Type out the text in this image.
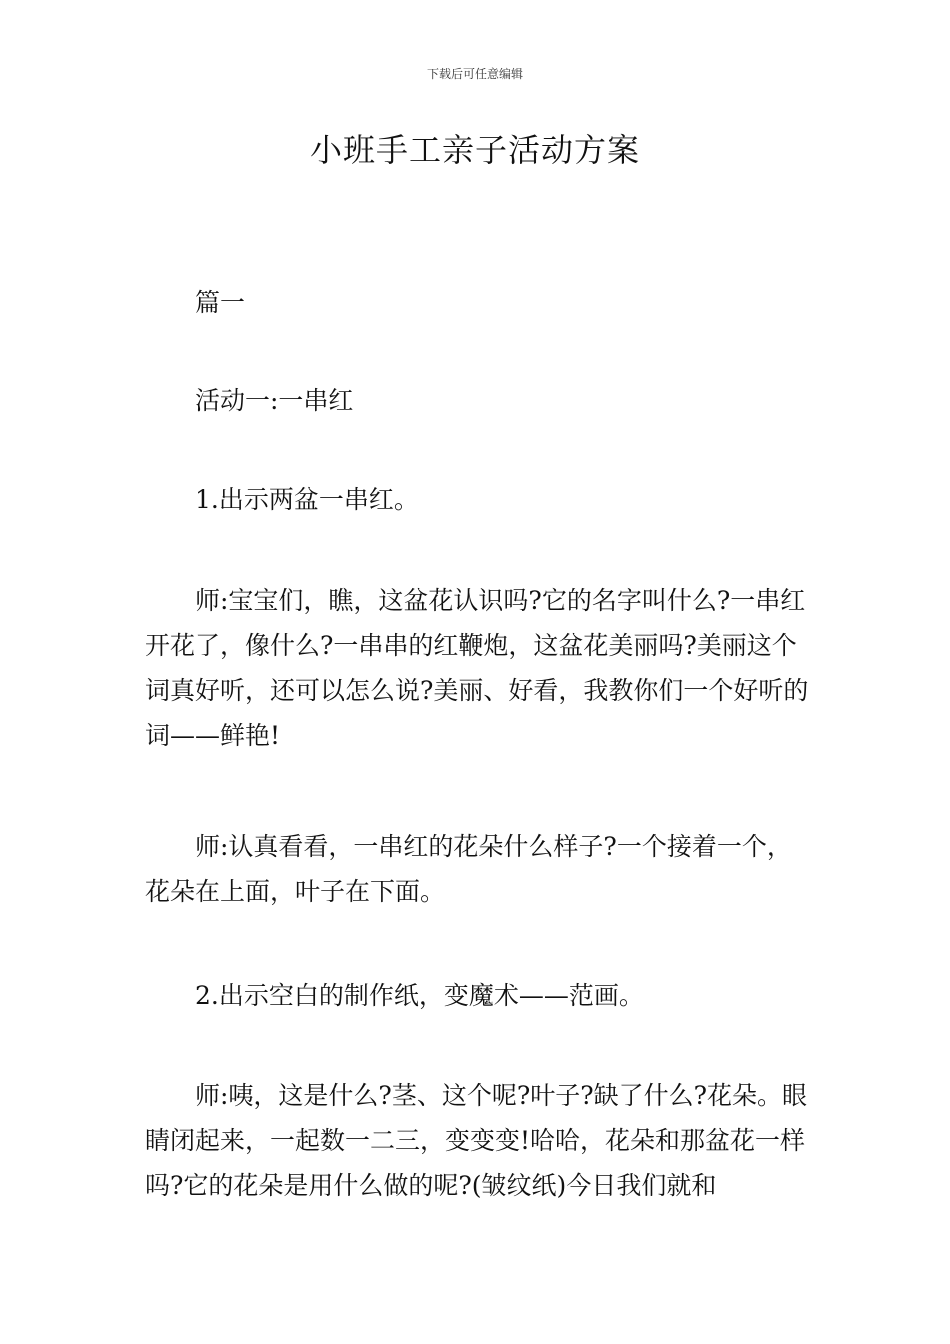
下载后可任意编辑
小班手工亲子活动方案

篇一

活动一:一串红

1.出示两盆一串红。

师:宝宝们，瞧，这盆花认识吗?它的名字叫什么?一串红开花了，像什么?一串串的红鞭炮，这盆花美丽吗?美丽这个词真好听，还可以怎么说?美丽、好看，我教你们一个好听的词——鲜艳!

师:认真看看，一串红的花朵什么样子?一个接着一个，花朵在上面，叶子在下面。

2.出示空白的制作纸，变魔术——范画。

师:咦，这是什么?茎、这个呢?叶子?缺了什么?花朵。眼睛闭起来，一起数一二三，变变变!哈哈，花朵和那盆花一样吗?它的花朵是用什么做的呢?(皱纹纸)今日我们就和
